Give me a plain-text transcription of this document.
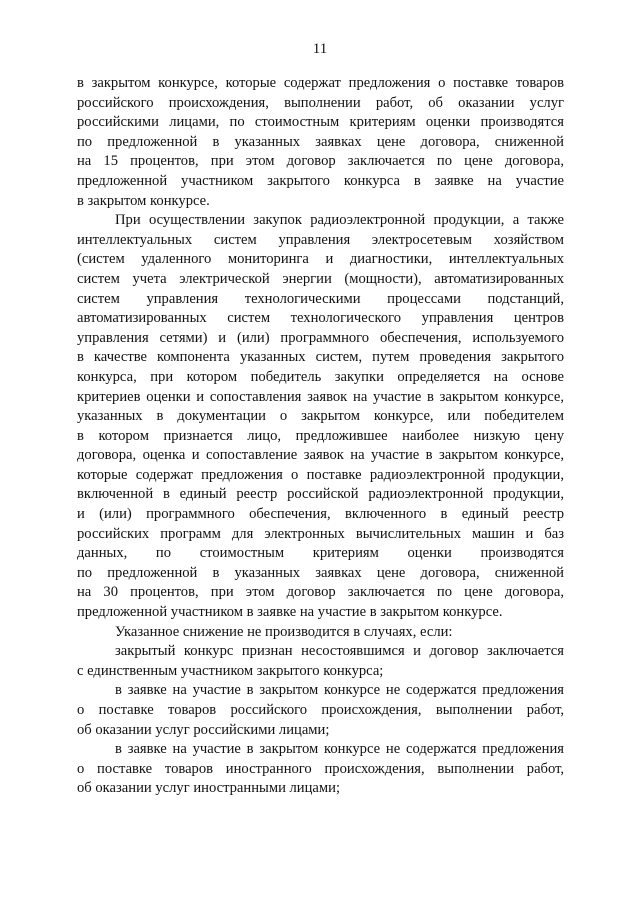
11
в закрытом конкурсе, которые содержат предложения о поставке товаров
российского происхождения, выполнении работ, об оказании услуг
российскими лицами, по стоимостным критериям оценки производятся
по предложенной в указанных заявках цене договора, сниженной
на 15 процентов, при этом договор заключается по цене договора,
предложенной участником закрытого конкурса в заявке на участие
в закрытом конкурсе.
При осуществлении закупок радиоэлектронной продукции, а также
интеллектуальных систем управления электросетевым хозяйством
(систем удаленного мониторинга и диагностики, интеллектуальных
систем учета электрической энергии (мощности), автоматизированных
систем управления технологическими процессами подстанций,
автоматизированных систем технологического управления центров
управления сетями) и (или) программного обеспечения, используемого
в качестве компонента указанных систем, путем проведения закрытого
конкурса, при котором победитель закупки определяется на основе
критериев оценки и сопоставления заявок на участие в закрытом конкурсе,
указанных в документации о закрытом конкурсе, или победителем
в котором признается лицо, предложившее наиболее низкую цену
договора, оценка и сопоставление заявок на участие в закрытом конкурсе,
которые содержат предложения о поставке радиоэлектронной продукции,
включенной в единый реестр российской радиоэлектронной продукции,
и (или) программного обеспечения, включенного в единый реестр
российских программ для электронных вычислительных машин и баз
данных, по стоимостным критериям оценки производятся
по предложенной в указанных заявках цене договора, сниженной
на 30 процентов, при этом договор заключается по цене договора,
предложенной участником в заявке на участие в закрытом конкурсе.
Указанное снижение не производится в случаях, если:
закрытый конкурс признан несостоявшимся и договор заключается
с единственным участником закрытого конкурса;
в заявке на участие в закрытом конкурсе не содержатся предложения
о поставке товаров российского происхождения, выполнении работ,
об оказании услуг российскими лицами;
в заявке на участие в закрытом конкурсе не содержатся предложения
о поставке товаров иностранного происхождения, выполнении работ,
об оказании услуг иностранными лицами;
